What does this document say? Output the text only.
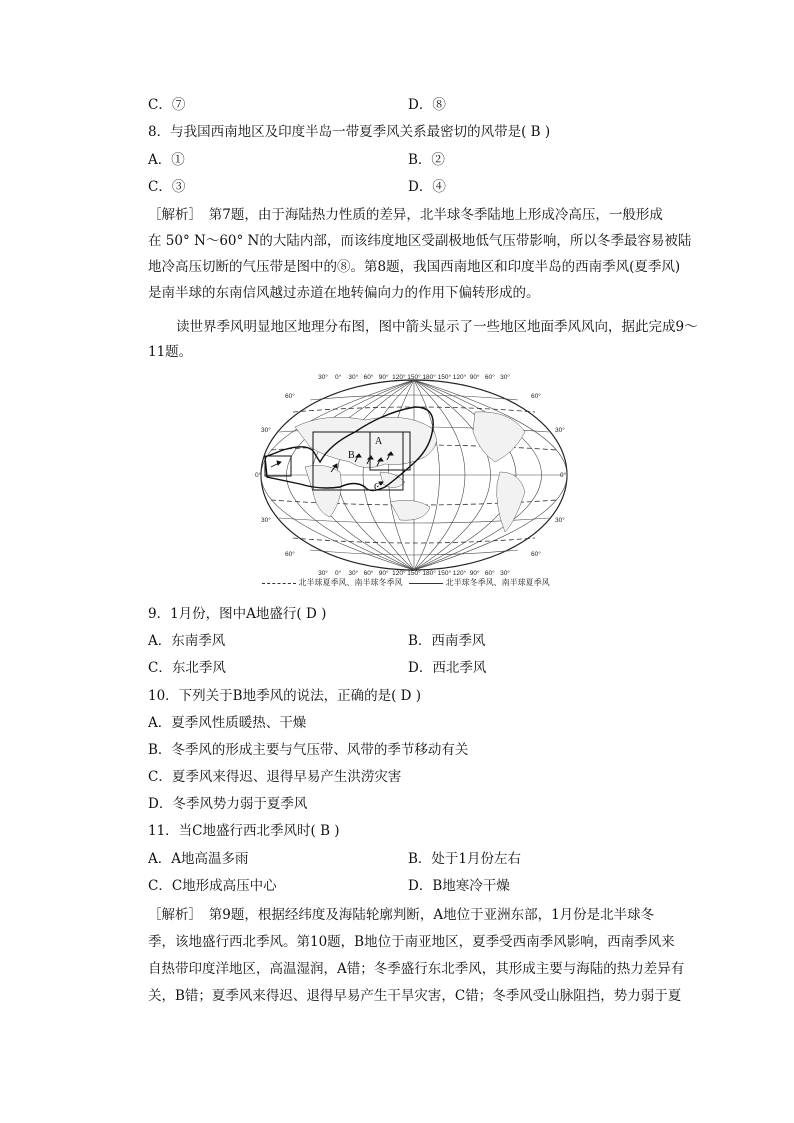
C．⑦	D．⑧
8．与我国西南地区及印度半岛一带夏季风关系最密切的风带是( B )
A．①	B．②
C．③	D．④
［解析］　第7题，由于海陆热力性质的差异，北半球冬季陆地上形成冷高压，一般形成
在 50° N～60° N的大陆内部，而该纬度地区受副极地低气压带影响，所以冬季最容易被陆
地冷高压切断的气压带是图中的⑧。第8题，我国西南地区和印度半岛的西南季风(夏季风)
是南半球的东南信风越过赤道在地转偏向力的作用下偏转形成的。
读世界季风明显地区地理分布图，图中箭头显示了一些地区地面季风风向，据此完成9～
11题。
A
B
C
30° 0° 30° 60° 90° 120° 150° 180° 150° 120° 90° 60° 30°
30° 0° 30° 60° 90° 120° 150° 180° 150° 120° 90° 60° 30°
60°
30°
0°
30°
60°
60°
30°
0°
30°
60°
北半球夏季风、南半球冬季风	北半球冬季风、南半球夏季风
9．1月份，图中A地盛行( D )
A．东南季风	B．西南季风
C．东北季风	D．西北季风
10．下列关于B地季风的说法，正确的是( D )
A．夏季风性质暖热、干燥
B．冬季风的形成主要与气压带、风带的季节移动有关
C．夏季风来得迟、退得早易产生洪涝灾害
D．冬季风势力弱于夏季风
11．当C地盛行西北季风时( B )
A．A地高温多雨	B．处于1月份左右
C．C地形成高压中心	D．B地寒冷干燥
［解析］　第9题，根据经纬度及海陆轮廓判断，A地位于亚洲东部，1月份是北半球冬
季，该地盛行西北季风。第10题，B地位于南亚地区，夏季受西南季风影响，西南季风来
自热带印度洋地区，高温湿润，A错；冬季盛行东北季风，其形成主要与海陆的热力差异有
关，B错；夏季风来得迟、退得早易产生干旱灾害，C错；冬季风受山脉阻挡，势力弱于夏
